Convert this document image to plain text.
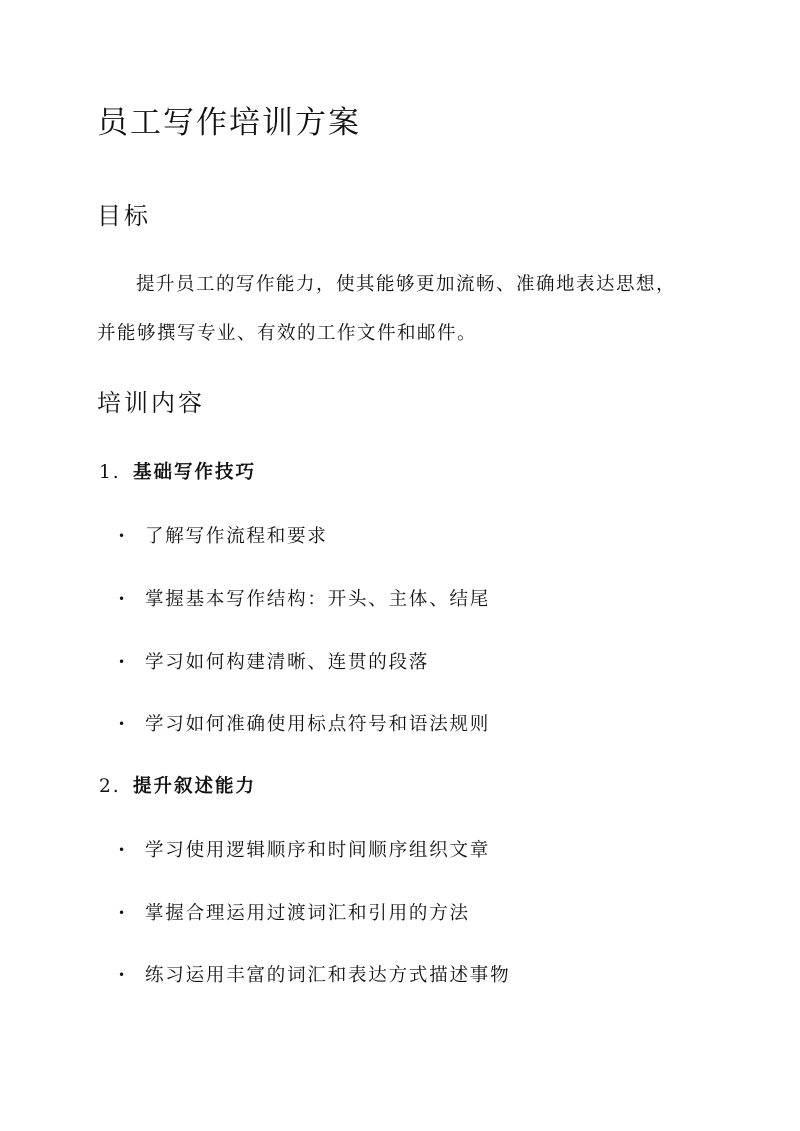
员工写作培训方案
目标

提升员工的写作能力，使其能够更加流畅、准确地表达思想，

并能够撰写专业、有效的工作文件和邮件。

培训内容
1. 基础写作技巧
• 了解写作流程和要求
• 掌握基本写作结构：开头、主体、结尾
• 学习如何构建清晰、连贯的段落
• 学习如何准确使用标点符号和语法规则
2. 提升叙述能力
• 学习使用逻辑顺序和时间顺序组织文章
• 掌握合理运用过渡词汇和引用的方法
• 练习运用丰富的词汇和表达方式描述事物
